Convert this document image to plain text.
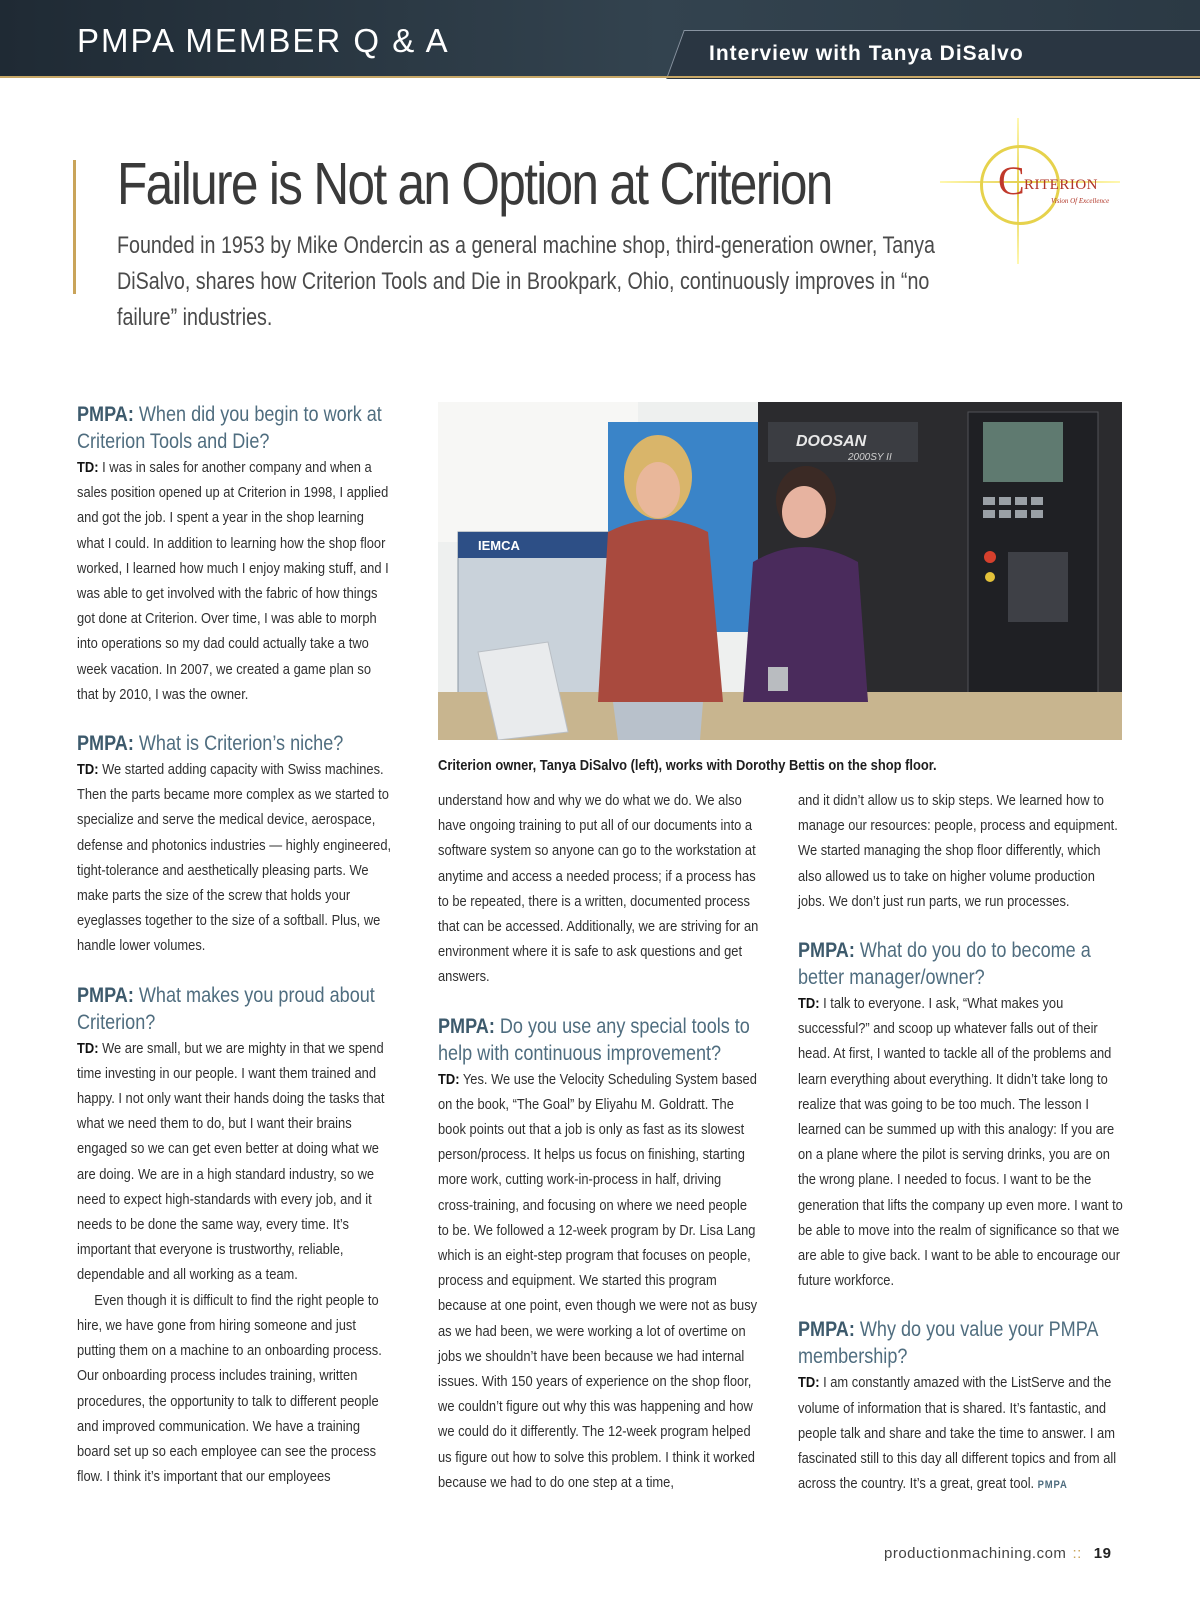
PMPA MEMBER Q & A	Interview with Tanya DiSalvo
Failure is Not an Option at Criterion

Founded in 1953 by Mike Ondercin as a general machine shop, third-generation owner, Tanya DiSalvo, shares how Criterion Tools and Die in Brookpark, Ohio, continuously improves in “no failure” industries.

C RITERION
Vision Of Excellence
IEMCA
DOOSAN
2000SY II

Criterion owner, Tanya DiSalvo (left), works with Dorothy Bettis on the shop floor.

PMPA: When did you begin to work at Criterion Tools and Die?

TD: I was in sales for another company and when a sales position opened up at Criterion in 1998, I applied and got the job. I spent a year in the shop learning what I could. In addition to learning how the shop floor worked, I learned how much I enjoy making stuff, and I was able to get involved with the fabric of how things got done at Criterion. Over time, I was able to morph into operations so my dad could actually take a two week vacation. In 2007, we created a game plan so that by 2010, I was the owner.

PMPA: What is Criterion’s niche?

TD: We started adding capacity with Swiss machines. Then the parts became more complex as we started to specialize and serve the medical device, aerospace, defense and photonics industries — highly engineered, tight-tolerance and aesthetically pleasing parts. We make parts the size of the screw that holds your eyeglasses together to the size of a softball. Plus, we handle lower volumes.

PMPA: What makes you proud about Criterion?

TD: We are small, but we are mighty in that we spend time investing in our people. I want them trained and happy. I not only want their hands doing the tasks that what we need them to do, but I want their brains engaged so we can get even better at doing what we are doing. We are in a high standard industry, so we need to expect high-standards with every job, and it needs to be done the same way, every time. It’s important that everyone is trustworthy, reliable, dependable and all working as a team.

Even though it is difficult to find the right people to hire, we have gone from hiring someone and just putting them on a machine to an onboarding process. Our onboarding process includes training, written procedures, the opportunity to talk to different people and improved communication. We have a training board set up so each employee can see the process flow. I think it’s important that our employees

understand how and why we do what we do. We also have ongoing training to put all of our documents into a software system so anyone can go to the workstation at anytime and access a needed process; if a process has to be repeated, there is a written, documented process that can be accessed. Additionally, we are striving for an environment where it is safe to ask questions and get answers.

PMPA: Do you use any special tools to help with continuous improvement?

TD: Yes. We use the Velocity Scheduling System based on the book, “The Goal” by Eliyahu M. Goldratt. The book points out that a job is only as fast as its slowest person/process. It helps us focus on finishing, starting more work, cutting work-in-process in half, driving cross-training, and focusing on where we need people to be. We followed a 12-week program by Dr. Lisa Lang which is an eight-step program that focuses on people, process and equipment. We started this program because at one point, even though we were not as busy as we had been, we were working a lot of overtime on jobs we shouldn’t have been because we had internal issues. With 150 years of experience on the shop floor, we couldn’t figure out why this was happening and how we could do it differently. The 12-week program helped us figure out how to solve this problem. I think it worked because we had to do one step at a time,

and it didn’t allow us to skip steps. We learned how to manage our resources: people, process and equipment. We started managing the shop floor differently, which also allowed us to take on higher volume production jobs. We don’t just run parts, we run processes.

PMPA: What do you do to become a better manager/owner?

TD: I talk to everyone. I ask, “What makes you successful?” and scoop up whatever falls out of their head. At first, I wanted to tackle all of the problems and learn everything about everything. It didn’t take long to realize that was going to be too much. The lesson I learned can be summed up with this analogy: If you are on a plane where the pilot is serving drinks, you are on the wrong plane. I needed to focus. I want to be the generation that lifts the company up even more. I want to be able to move into the realm of significance so that we are able to give back. I want to be able to encourage our future workforce.

PMPA: Why do you value your PMPA membership?

TD: I am constantly amazed with the ListServe and the volume of information that is shared. It’s fantastic, and people talk and share and take the time to answer. I am fascinated still to this day all different topics and from all across the country. It’s a great, great tool. PMPA

productionmachining.com :: 19
